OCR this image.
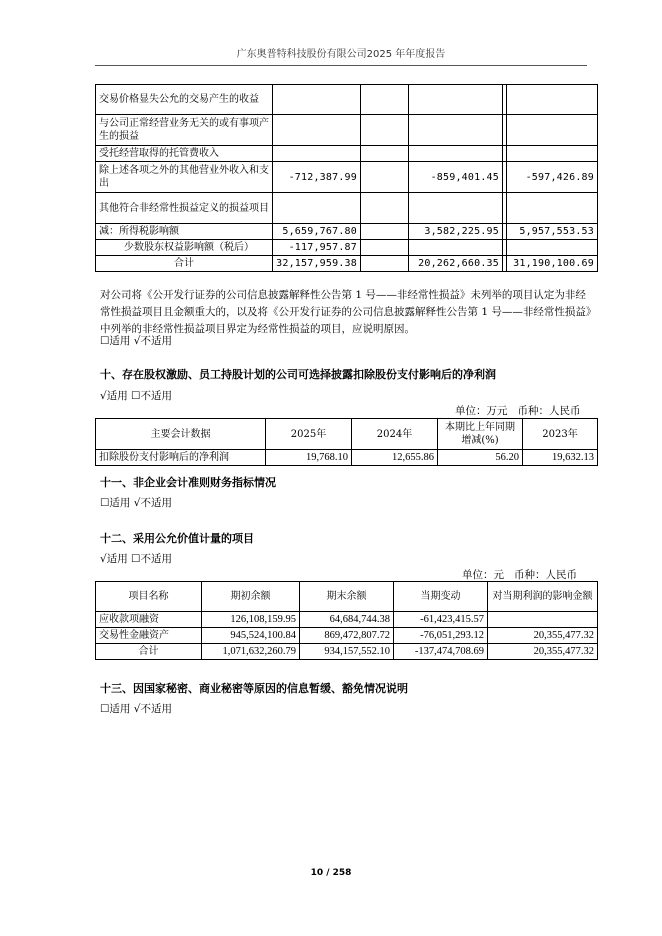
广东奥普特科技股份有限公司2025 年年度报告
交易价格显失公允的交易产生的收益					
与公司正常经营业务无关的或有事项产生的损益					
受托经营取得的托管费收入					
除上述各项之外的其他营业外收入和支出	-712,387.99		-859,401.45		-597,426.89
其他符合非经常性损益定义的损益项目					
减：所得税影响额	5,659,767.80		3,582,225.95		5,957,553.53
少数股东权益影响额（税后）	-117,957.87				
合计	32,157,959.38		20,262,660.35		31,190,100.69

对公司将《公开发行证券的公司信息披露解释性公告第 1 号——非经常性损益》未列举的项目认定为非经常性损益项目且金额重大的，以及将《公开发行证券的公司信息披露解释性公告第 1 号——非经常性损益》中列举的非经常性损益项目界定为经常性损益的项目，应说明原因。

☐适用 √不适用

十、存在股权激励、员工持股计划的公司可选择披露扣除股份支付影响后的净利润

√适用 ☐不适用

单位：万元   币种：人民币

主要会计数据	2025年	2024年	本期比上年同期增减(%)	2023年
扣除股份支付影响后的净利润	19,768.10	12,655.86	56.20	19,632.13

十一、非企业会计准则财务指标情况

☐适用 √不适用

十二、采用公允价值计量的项目

√适用 ☐不适用

单位：元   币种：人民币

项目名称	期初余额	期末余额	当期变动	对当期利润的影响金额
应收款项融资	126,108,159.95	64,684,744.38	-61,423,415.57	
交易性金融资产	945,524,100.84	869,472,807.72	-76,051,293.12	20,355,477.32
合计	1,071,632,260.79	934,157,552.10	-137,474,708.69	20,355,477.32

十三、因国家秘密、商业秘密等原因的信息暂缓、豁免情况说明

☐适用 √不适用

10 / 258
